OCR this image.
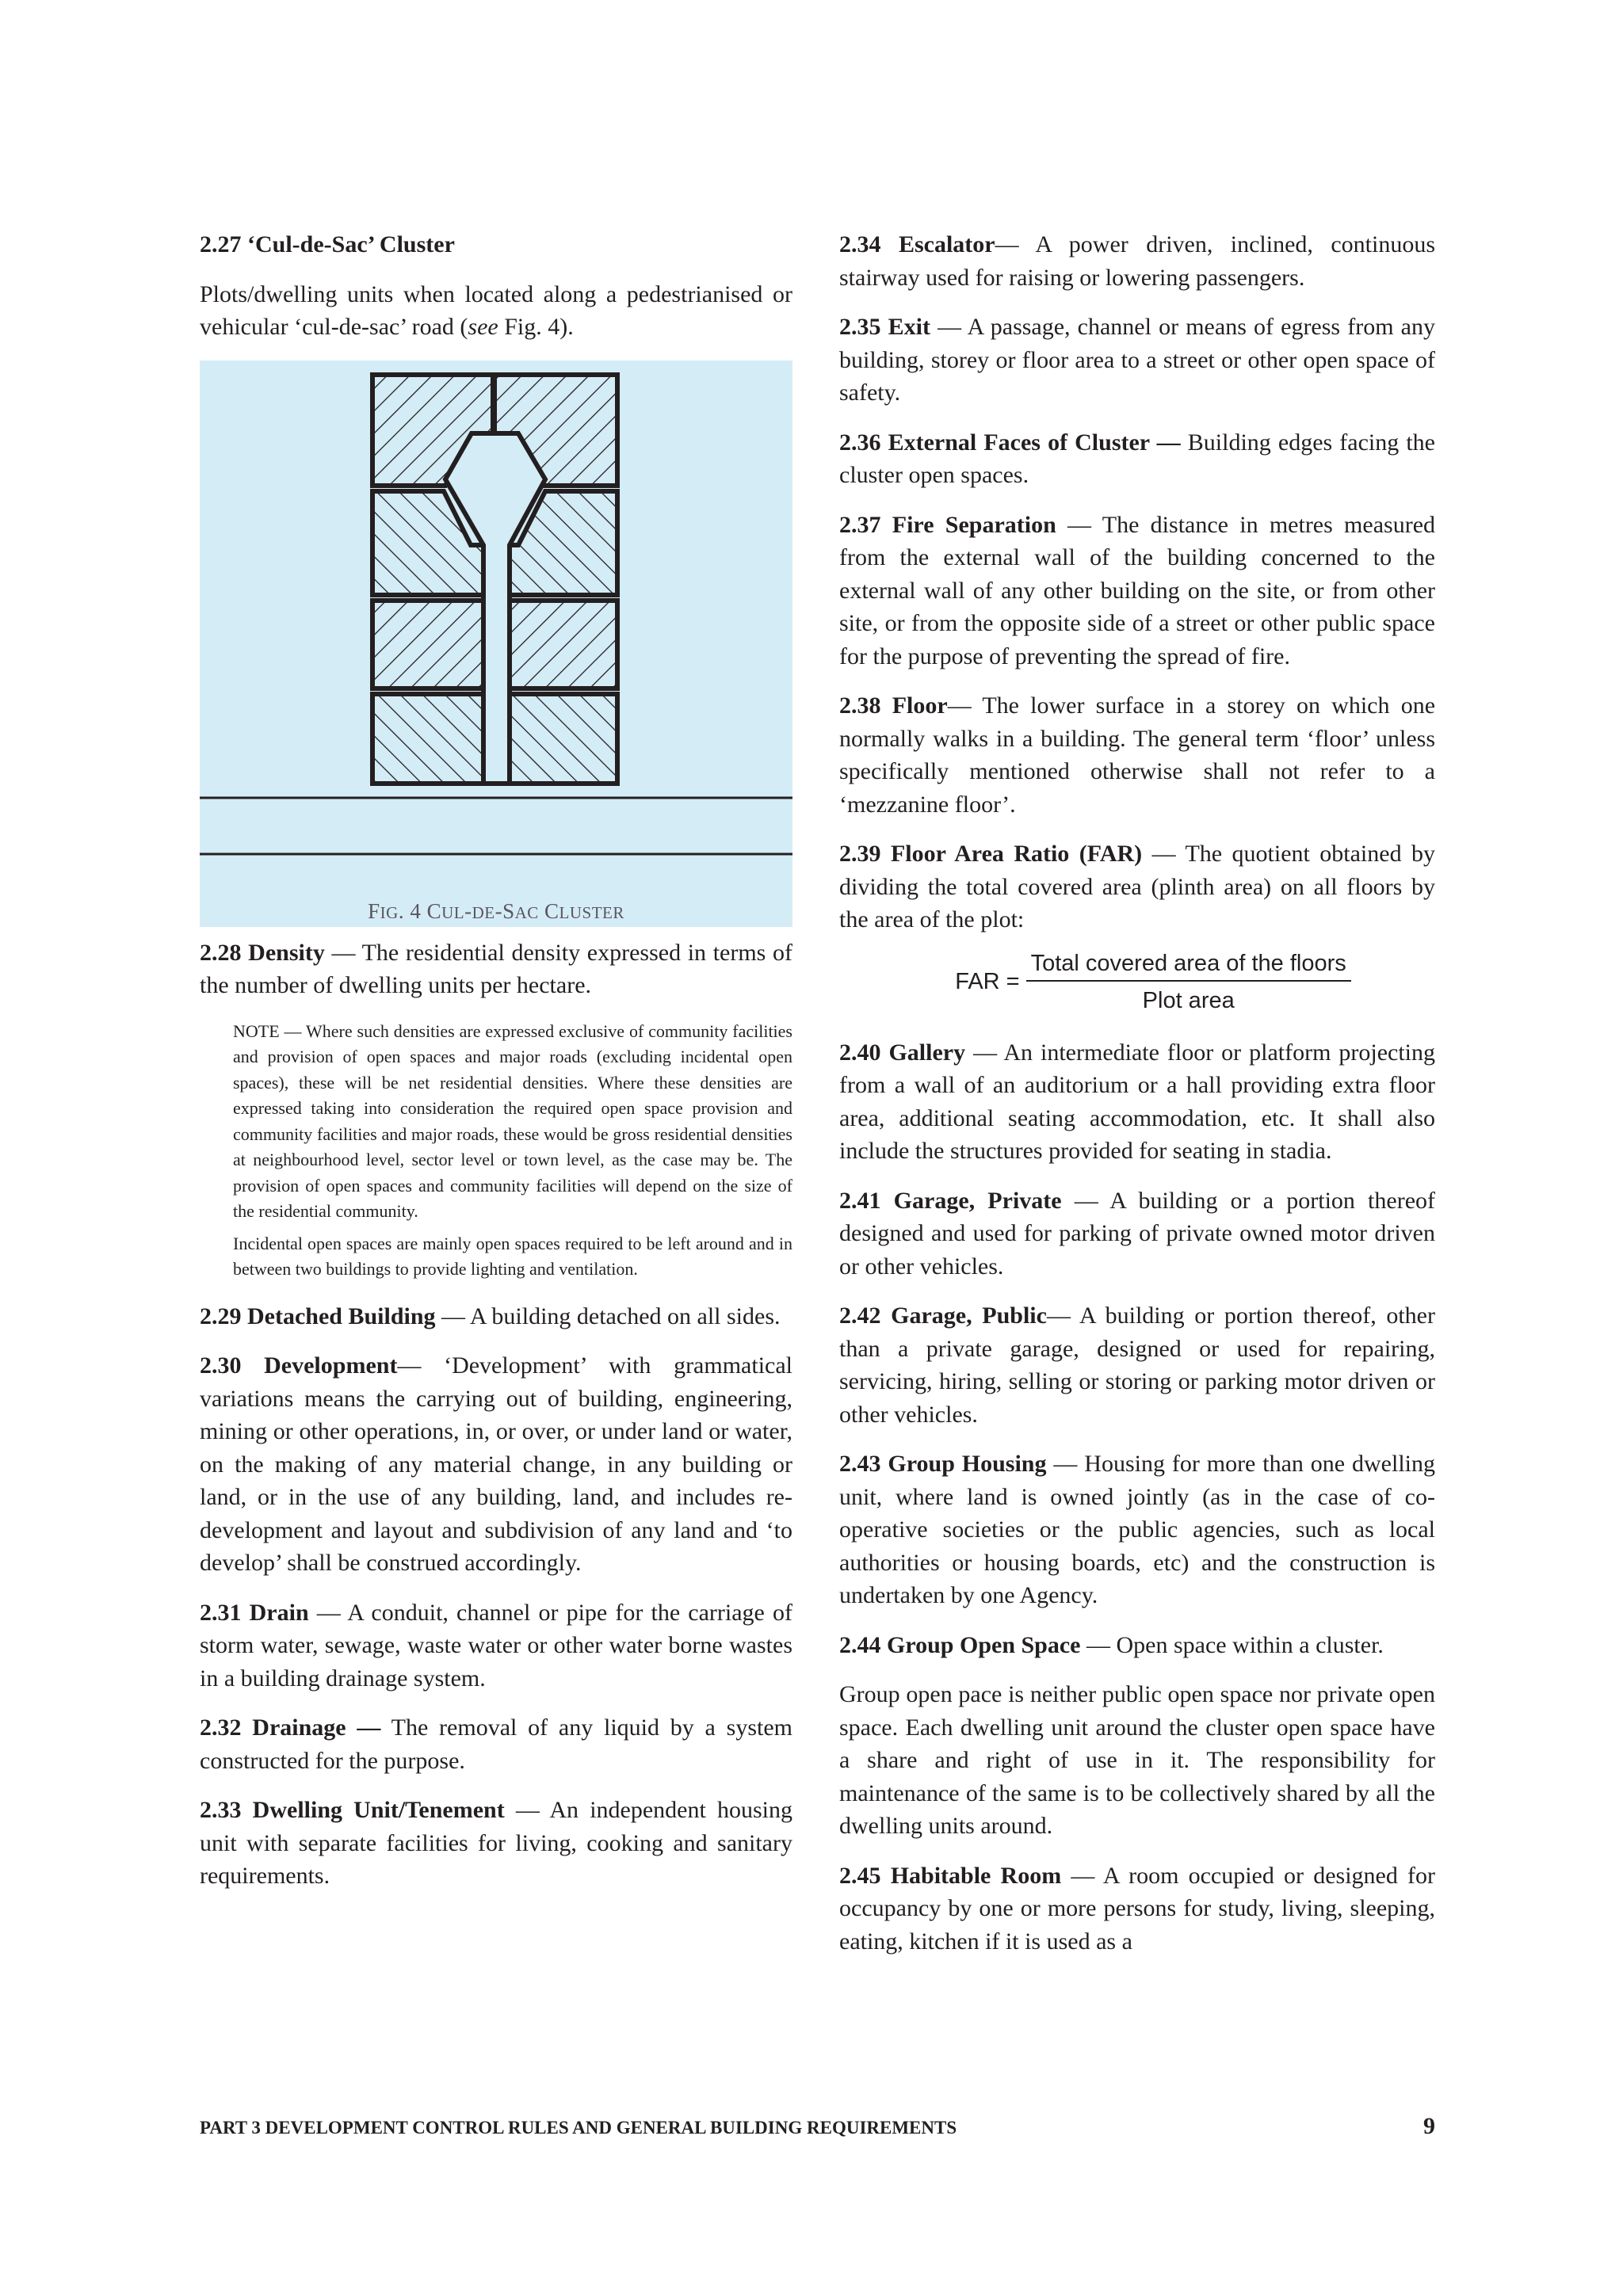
2.27 ‘Cul-de-Sac’ Cluster

Plots/dwelling units when located along a pedestrianised or vehicular ‘cul-de-sac’ road (see Fig. 4).

FIG. 4 CUL-DE-SAC CLUSTER

2.28 Density — The residential density expressed in terms of the number of dwelling units per hectare.

NOTE — Where such densities are expressed exclusive of community facilities and provision of open spaces and major roads (excluding incidental open spaces), these will be net residential densities. Where these densities are expressed taking into consideration the required open space provision and community facilities and major roads, these would be gross residential densities at neighbourhood level, sector level or town level, as the case may be. The provision of open spaces and community facilities will depend on the size of the residential community.

Incidental open spaces are mainly open spaces required to be left around and in between two buildings to provide lighting and ventilation.

2.29 Detached Building — A building detached on all sides.

2.30 Development— ‘Development’ with grammatical variations means the carrying out of building, engineering, mining or other operations, in, or over, or under land or water, on the making of any material change, in any building or land, or in the use of any building, land, and includes re-development and layout and subdivision of any land and ‘to develop’ shall be construed accordingly.

2.31 Drain — A conduit, channel or pipe for the carriage of storm water, sewage, waste water or other water borne wastes in a building drainage system.

2.32 Drainage — The removal of any liquid by a system constructed for the purpose.

2.33 Dwelling Unit/Tenement — An independent housing unit with separate facilities for living, cooking and sanitary requirements.

2.34 Escalator— A power driven, inclined, continuous stairway used for raising or lowering passengers.

2.35 Exit — A passage, channel or means of egress from any building, storey or floor area to a street or other open space of safety.

2.36 External Faces of Cluster — Building edges facing the cluster open spaces.

2.37 Fire Separation — The distance in metres measured from the external wall of the building concerned to the external wall of any other building on the site, or from other site, or from the opposite side of a street or other public space for the purpose of preventing the spread of fire.

2.38 Floor— The lower surface in a storey on which one normally walks in a building. The general term ‘floor’ unless specifically mentioned otherwise shall not refer to a ‘mezzanine floor’.

2.39 Floor Area Ratio (FAR) — The quotient obtained by dividing the total covered area (plinth area) on all floors by the area of the plot:

FAR = $\frac{\text{Total covered area of the floors}}{\text{Plot area}}$

2.40 Gallery — An intermediate floor or platform projecting from a wall of an auditorium or a hall providing extra floor area, additional seating accommodation, etc. It shall also include the structures provided for seating in stadia.

2.41 Garage, Private — A building or a portion thereof designed and used for parking of private owned motor driven or other vehicles.

2.42 Garage, Public— A building or portion thereof, other than a private garage, designed or used for repairing, servicing, hiring, selling or storing or parking motor driven or other vehicles.

2.43 Group Housing — Housing for more than one dwelling unit, where land is owned jointly (as in the case of co-operative societies or the public agencies, such as local authorities or housing boards, etc) and the construction is undertaken by one Agency.

2.44 Group Open Space — Open space within a cluster.

Group open pace is neither public open space nor private open space. Each dwelling unit around the cluster open space have a share and right of use in it. The responsibility for maintenance of the same is to be collectively shared by all the dwelling units around.

2.45 Habitable Room — A room occupied or designed for occupancy by one or more persons for study, living, sleeping, eating, kitchen if it is used as a

PART 3 DEVELOPMENT CONTROL RULES AND GENERAL BUILDING REQUIREMENTS	9
